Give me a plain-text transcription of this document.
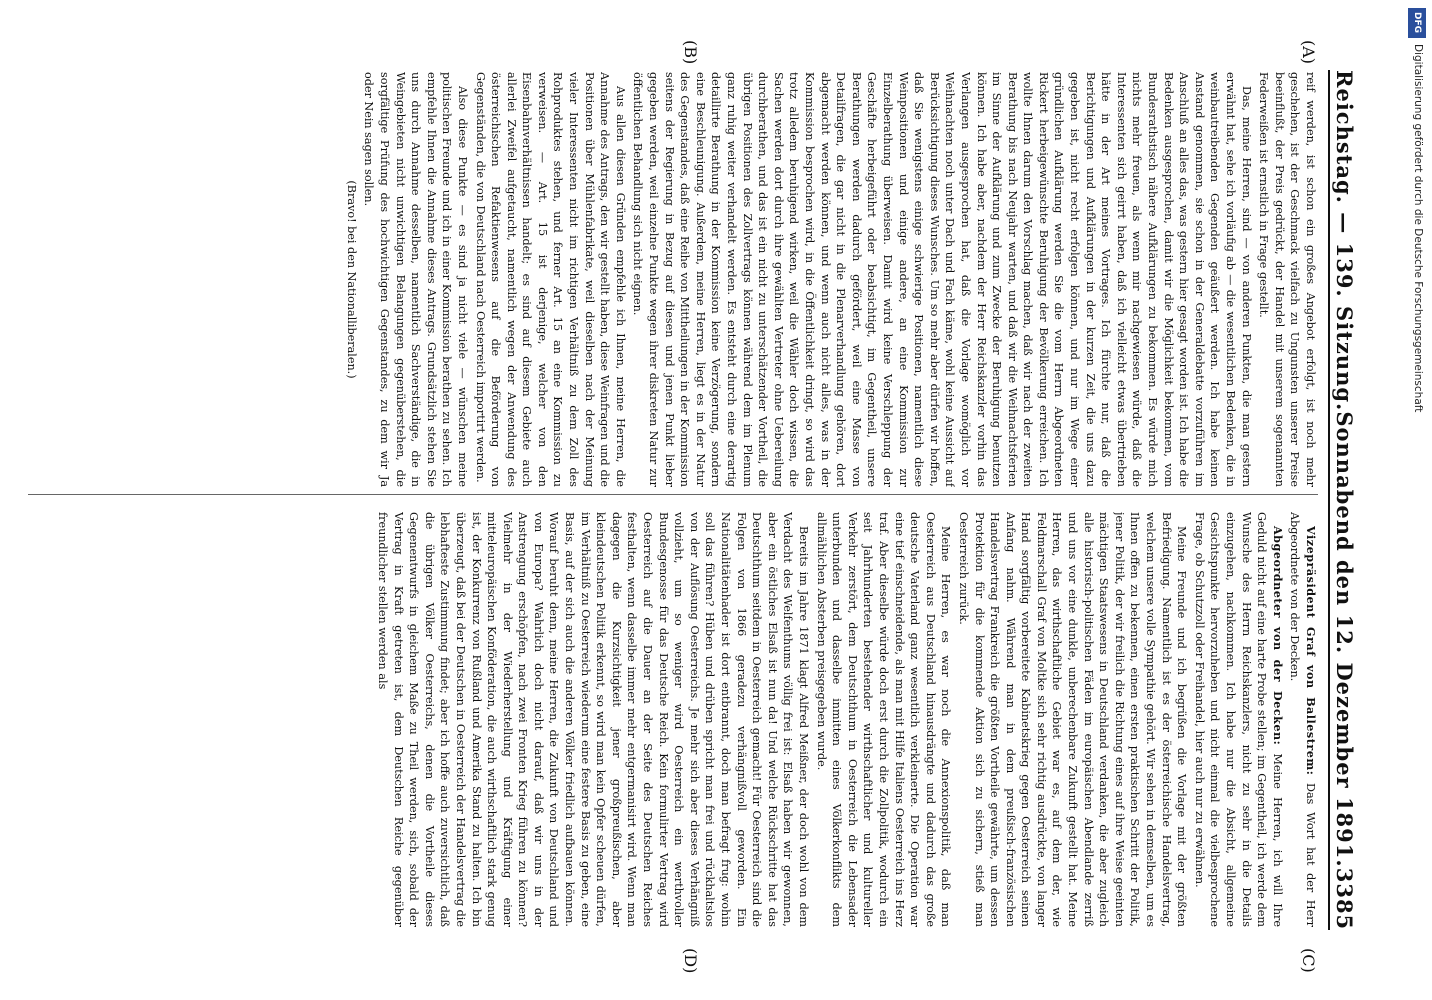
Reichstag. — 139. Sitzung.
Sonnabend den 12. Dezember 1891.
3385
(A)
(B)
(C)
(D)

reif werden, ist schon ein großes Angebot erfolgt, ist noch mehr geschehen, ist der Geschmack vielfach zu Ungunsten unserer Preise beeinflußt, der Preis gedrückt, der Handel mit unserem sogenannten Federweißen ist ernstlich in Frage gestellt.

Das, meine Herren, sind — von anderen Punkten, die man gestern erwähnt hat, sehe ich vorläufig ab — die wesentlichen Bedenken, die in weinbautreibenden Gegenden geäußert werden. Ich habe keinen Anstand genommen, sie schon in der Generaldebatte vorzuführen im Anschluß an alles das, was gestern hier gesagt worden ist. Ich habe die Bedenken ausgesprochen, damit wir die Möglichkeit bekommen, vom Bundesrathstisch nähere Aufklärungen zu bekommen. Es würde mich nichts mehr freuen, als wenn mir nachgewiesen würde, daß die Interessenten sich geirrt haben, daß ich vielleicht etwas übertrieben hätte in der Art meines Vortrages. Ich fürchte nur, daß die Berichtigungen und Aufklärungen in der kurzen Zeit, die uns dazu gegeben ist, nicht recht erfolgen können, und nur im Wege einer gründlichen Aufklärung werden Sie die vom Herrn Abgeordneten Rickert herbeigewünschte Beruhigung der Bevölkerung erreichen. Ich wollte Ihnen darum den Vorschlag machen, daß wir nach der zweiten Berathung bis nach Neujahr warten, und daß wir die Weihnachtsferien im Sinne der Aufklärung und zum Zwecke der Beruhigung benutzen können. Ich habe aber, nachdem der Herr Reichskanzler vorhin das Verlangen ausgesprochen hat, daß die Vorlage womöglich vor Weihnachten noch unter Dach und Fach käme, wohl keine Aussicht auf Berücksichtigung dieses Wunsches. Um so mehr aber dürfen wir hoffen, daß Sie wenigstens einige schwierige Positionen, namentlich diese Weinpositionen und einige andere, an eine Kommission zur Einzelberathung überweisen. Damit wird keine Verschleppung der Geschäfte herbeigeführt oder beabsichtigt, im Gegentheil, unsere Berathungen werden dadurch gefördert, weil eine Masse von Detailfragen, die gar nicht in die Plenarverhandlung gehören, dort abgemacht werden können, und wenn auch nicht alles, was in der Kommission besprochen wird, in die Öffentlichkeit dringt, so wird das trotz alledem beruhigend wirken, weil die Wähler doch wissen, die Sachen werden dort durch ihre gewählten Vertreter ohne Uebereilung durchberathen, und das ist ein nicht zu unterschätzender Vortheil, die übrigen Positionen des Zollvertrags können während dem im Plenum ganz ruhig weiter verhandelt werden. Es entsteht durch eine derartig detaillirte Berathung in der Kommission keine Verzögerung, sondern eine Beschleunigung. Außerdem, meine Herren, liegt es in der Natur des Gegenstandes, daß eine Reihe von Mittheilungen in der Kommission seitens der Regierung in Bezug auf diesen und jenen Punkt lieber gegeben werden, weil einzelne Punkte wegen ihrer diskreten Natur zur öffentlichen Behandlung sich nicht eignen.

Aus allen diesen Gründen empfehle ich Ihnen, meine Herren, die Annahme des Antrags, den wir gestellt haben, diese Weinfragen und die Positionen über Mühlenfabrikate, weil dieselben nach der Meinung vieler Interessenten nicht im richtigen Verhältniß zu dem Zoll des Rohproduktes stehen, und ferner Art. 15 an eine Kommission zu verweisen. — Art. 15 ist derjenige, welcher von den Eisenbahnverhältnissen handelt; es sind auf diesem Gebiete auch allerlei Zweifel aufgetaucht, namentlich wegen der Anwendung des österreichischen Refaktienwesens auf die Beförderung von Gegenständen, die von Deutschland nach Oesterreich importirt werden.

Also diese Punkte — es sind ja nicht viele — wünschen meine politischen Freunde und ich in einer Kommission berathen zu sehen. Ich empfehle Ihnen die Annahme dieses Antrags. Grundsätzlich stehen Sie uns durch Annahme desselben, namentlich Sachverständige, die in Weingebieten nicht unwichtigen Belangungen gegenüberstehen, die sorgfältige Prüfung des hochwichtigen Gegenstandes, zu dem wir Ja oder Nein sagen sollen.

(Bravo! bei den Nationalliberalen.)

Vizepräsident Graf von Ballestrem: Das Wort hat der Herr Abgeordnete von der Decken.

Abgeordneter von der Decken: Meine Herren, ich will Ihre Geduld nicht auf eine harte Probe stellen; im Gegentheil, ich werde dem Wunsche des Herrn Reichskanzlers, nicht zu sehr in die Details einzugehen, nachkommen. Ich habe nur die Absicht, allgemeine Gesichtspunkte hervorzuheben und nicht einmal die vielbesprochene Frage, ob Schutzzoll oder Freihandel, hier auch nur zu erwähnen.

Meine Freunde und ich begrüßen die Vorlage mit der größten Befriedigung. Namentlich ist es der österreichische Handelsvertrag, welchem unsere volle Sympathie gehört. Wir sehen in demselben, um es Ihnen offen zu bekennen, einen ersten praktischen Schritt der Politik, jener Politik, der wir freilich die Richtung eines auf ihre Weise geeinten mächtigen Staatswesens in Deutschland verdanken, die aber zugleich alle historisch-politischen Fäden im europäischen Abendlande zerriß und uns vor eine dunkle, unberechenbare Zukunft gestellt hat. Meine Herren, das wirthschaftliche Gebiet war es, auf dem der, wie Feldmarschall Graf von Moltke sich sehr richtig ausdrückte, von langer Hand sorgfältig vorbereitete Kabinetskrieg gegen Oesterreich seinen Anfang nahm. Während man in dem preußisch-französischen Handelsvertrag Frankreich die größten Vortheile gewährte, um dessen Protektion für die kommende Aktion sich zu sichern, stieß man Oesterreich zurück.

Meine Herren, es war noch die Annexionspolitik, daß man Oesterreich aus Deutschland hinausdrängte und dadurch das große deutsche Vaterland ganz wesentlich verkleinerte. Die Operation war eine tief einschneidende, als man mit Hilfe Italiens Oesterreich ins Herz traf. Aber dieselbe würde doch erst durch die Zollpolitik, wodurch ein seit Jahrhunderten bestehender wirthschaftlicher und kultureller Verkehr zerstört, dem Deutschthum in Oesterreich die Lebensader unterbunden und dasselbe inmitten eines Völkerkonflikts dem allmählichen Absterben preisgegeben wurde.

Bereits im Jahre 1871 klagt Alfred Meißner, der doch wohl von dem Verdacht des Welfenthums völlig frei ist: Elsaß haben wir gewonnen, aber ein östliches Elsaß ist nun da! Und welche Rückschritte hat das Deutschthum seitdem in Oesterreich gemacht! Für Oesterreich sind die Folgen von 1866 geradezu verhängnißvoll geworden. Ein Nationalitätenhader ist dort entbrannt, doch man befragt frug: wohin soll das führen? Hüben und drüben spricht man frei und rückhaltslos von der Auflösung Oesterreichs. Je mehr sich aber dieses Verhängniß vollzieht, um so weniger wird Oesterreich ein werthvoller Bundesgenosse für das Deutsche Reich. Kein formulirter Vertrag wird Oesterreich auf die Dauer an der Seite des Deutschen Reiches festhalten, wenn dasselbe immer mehr entgermanisirt wird. Wenn man dagegen die Kurzsichtigkeit jener großpreußischen, aber kleindeutschen Politik erkennt, so wird man kein Opfer scheuen dürfen, im Verhältniß zu Oesterreich wiederum eine festere Basis zu geben, eine Basis, auf der sich auch die anderen Völker friedlich aufbauen können. Worauf beruht denn, meine Herren, die Zukunft von Deutschland und von Europa? Wahrlich doch nicht darauf, daß wir uns in der Anstrengung erschöpfen, nach zwei Fronten Krieg führen zu können? Vielmehr in der Wiederherstellung und Kräftigung einer mitteleuropäischen Konföderation, die auch wirthschaftlich stark genug ist, der Konkurrenz von Rußland und Amerika Stand zu halten. Ich bin überzeugt, daß bei der Deutschen in Oesterreich der Handelsvertrag die lebhafteste Zustimmung findet; aber ich hoffe auch zuversichtlich, daß die übrigen Völker Oesterreichs, denen die Vortheile dieses Gegenentwurfs in gleichem Maße zu Theil werden, sich, sobald der Vertrag in Kraft getreten ist, dem Deutschen Reiche gegenüber freundlicher stellen werden als

DFG
Digitalisierung gefördert durch die Deutsche Forschungsgemeinschaft
